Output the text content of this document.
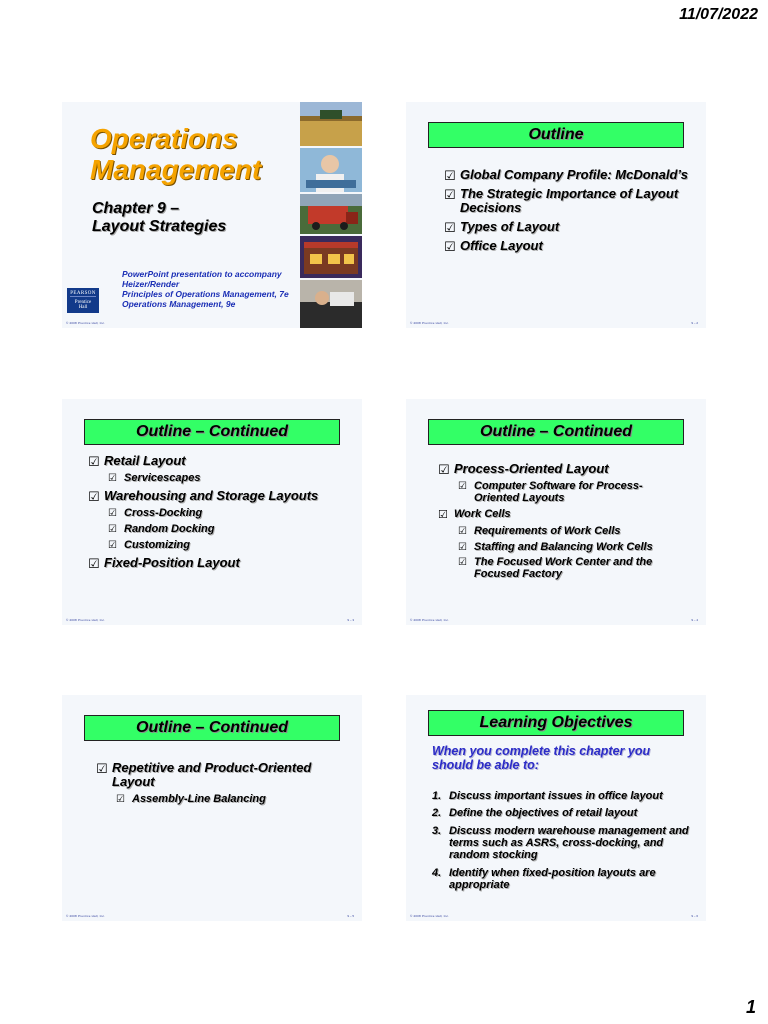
11/07/2022
Operations
Management
Chapter 9 –
Layout Strategies
PowerPoint presentation to accompany
Heizer/Render
Principles of Operations Management, 7e
Operations Management, 9e
PEARSON
Prentice
Hall
© 2008 Prentice Hall, Inc.
Outline
☑ Global Company Profile: McDonald’s
☑ The Strategic Importance of Layout Decisions
☑ Types of Layout
☑ Office Layout
© 2008 Prentice Hall, Inc.	9 – 2
Outline – Continued
☑ Retail Layout
☑ Servicescapes
☑ Warehousing and Storage Layouts
☑ Cross-Docking
☑ Random Docking
☑ Customizing
☑ Fixed-Position Layout
© 2008 Prentice Hall, Inc.	9 – 3
Outline – Continued
☑ Process-Oriented Layout
☑ Computer Software for Process-Oriented Layouts
☑ Work Cells
☑ Requirements of Work Cells
☑ Staffing and Balancing Work Cells
☑ The Focused Work Center and the Focused Factory
© 2008 Prentice Hall, Inc.	9 – 4
Outline – Continued
☑ Repetitive and Product-Oriented Layout
☑ Assembly-Line Balancing
© 2008 Prentice Hall, Inc.	9 – 5
Learning Objectives
When you complete this chapter you should be able to:
1. Discuss important issues in office layout
2. Define the objectives of retail layout
3. Discuss modern warehouse management and terms such as ASRS, cross-docking, and random stocking
4. Identify when fixed-position layouts are appropriate
© 2008 Prentice Hall, Inc.	9 – 6
1
